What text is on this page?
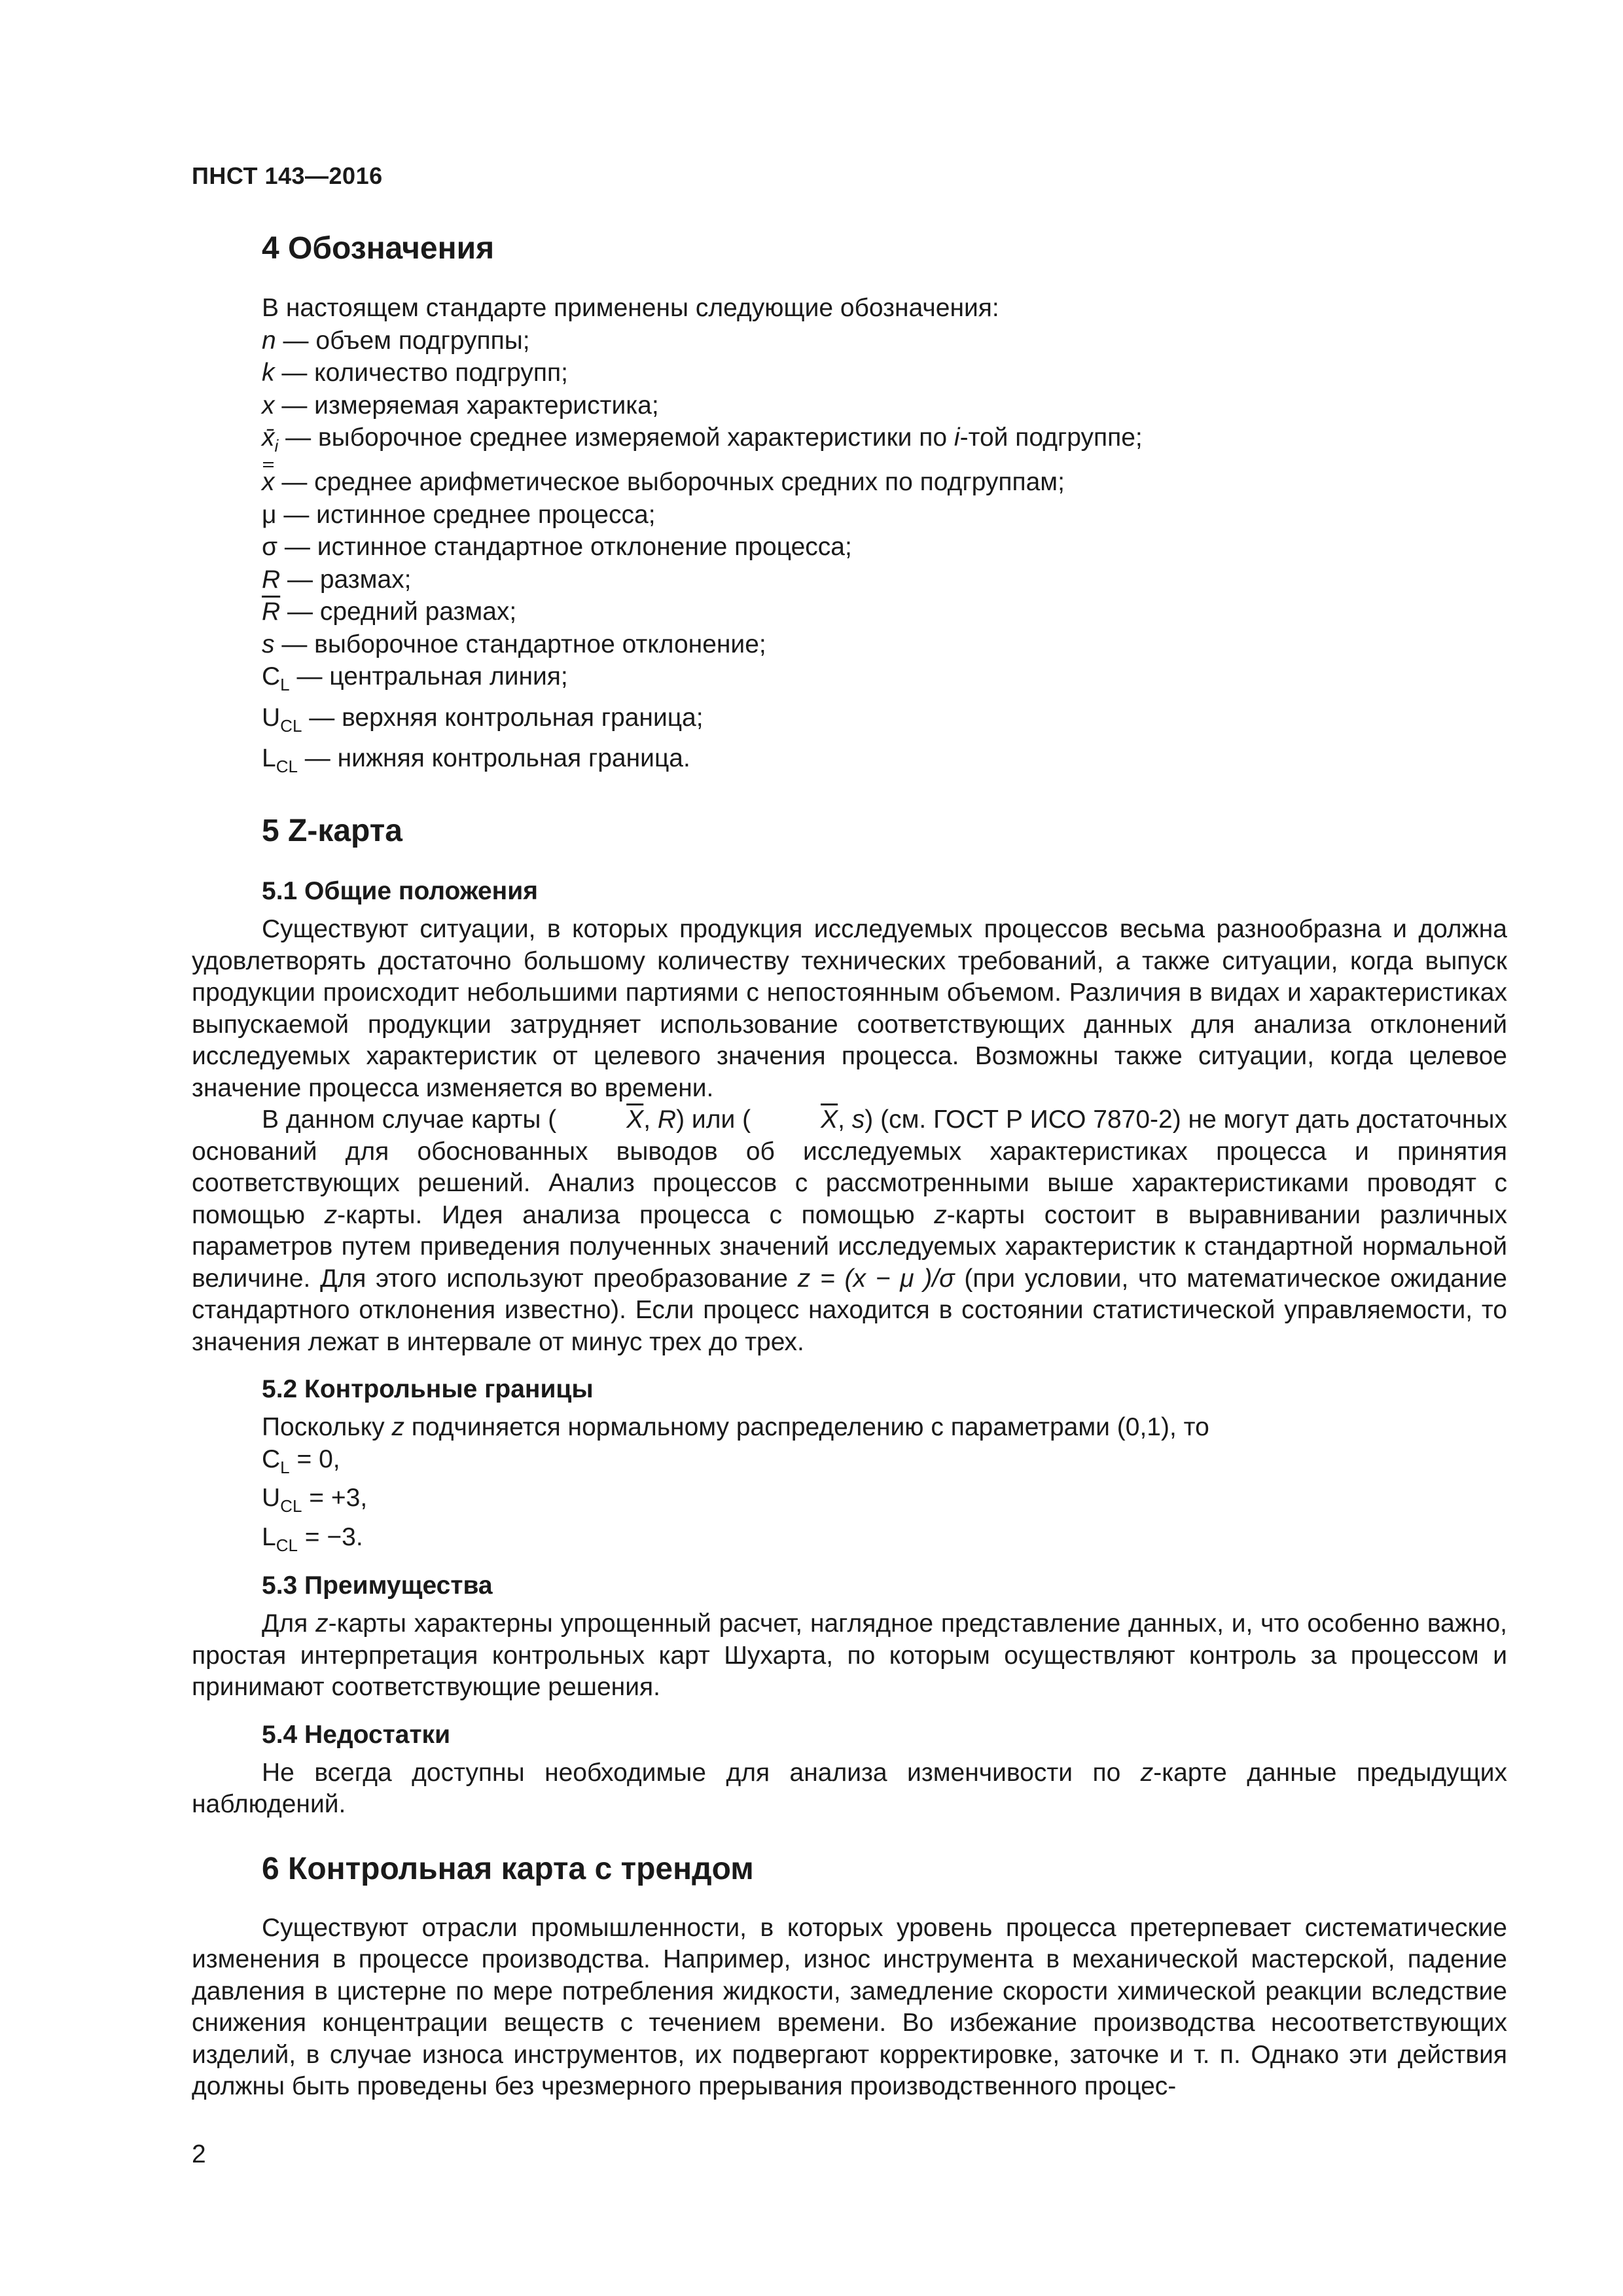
ПНСТ 143—2016
4 Обозначения
В настоящем стандарте применены следующие обозначения:
n — объем подгруппы;
k — количество подгрупп;
x — измеряемая характеристика;
$x̄_i$ — выборочное среднее измеряемой характеристики по i-той подгруппе;
x — среднее арифметическое выборочных средних по подгруппам;
μ — истинное среднее процесса;
σ — истинное стандартное отклонение процесса;
R — размах;
$\overline{R}$ — средний размах;
s — выборочное стандартное отклонение;
$C_L$ — центральная линия;
$U_{CL}$ — верхняя контрольная граница;
$L_{CL}$ — нижняя контрольная граница.
5 Z-карта
5.1 Общие положения

Существуют ситуации, в которых продукция исследуемых процессов весьма разнообразна и должна удовлетворять достаточно большому количеству технических требований, а также ситуации, когда выпуск продукции происходит небольшими партиями с непостоянным объемом. Различия в видах и характеристиках выпускаемой продукции затрудняет использование соответствующих данных для анализа отклонений исследуемых характеристик от целевого значения процесса. Возможны также ситуации, когда целевое значение процесса изменяется во времени.

В данном случае карты (	$\overline{X}$, R) или (	$\overline{X}$, s) (см. ГОСТ Р ИСО 7870-2) не могут дать достаточных оснований для обоснованных выводов об исследуемых характеристиках процесса и принятия соответствующих решений. Анализ процессов с рассмотренными выше характеристиками проводят с помощью z-карты. Идея анализа процесса с помощью z-карты состоит в выравнивании различных параметров путем приведения полученных значений исследуемых характеристик к стандартной нормальной величине. Для этого используют преобразование z = (x − μ )/σ (при условии, что математическое ожидание стандартного отклонения известно). Если процесс находится в состоянии статистической управляемости, то значения лежат в интервале от минус трех до трех.

5.2 Контрольные границы

Поскольку z подчиняется нормальному распределению с параметрами (0,1), то

$C_L = 0$,
$U_{CL} = +3$,
$L_{CL} = -3$.
5.3 Преимущества

Для z-карты характерны упрощенный расчет, наглядное представление данных, и, что особенно важно, простая интерпретация контрольных карт Шухарта, по которым осуществляют контроль за процессом и принимают соответствующие решения.

5.4 Недостатки

Не всегда доступны необходимые для анализа изменчивости по z-карте данные предыдущих наблюдений.

6 Контрольная карта с трендом

Существуют отрасли промышленности, в которых уровень процесса претерпевает систематические изменения в процессе производства. Например, износ инструмента в механической мастерской, падение давления в цистерне по мере потребления жидкости, замедление скорости химической реакции вследствие снижения концентрации веществ с течением времени. Во избежание производства несоответствующих изделий, в случае износа инструментов, их подвергают корректировке, заточке и т. п. Однако эти действия должны быть проведены без чрезмерного прерывания производственного процес-

2
